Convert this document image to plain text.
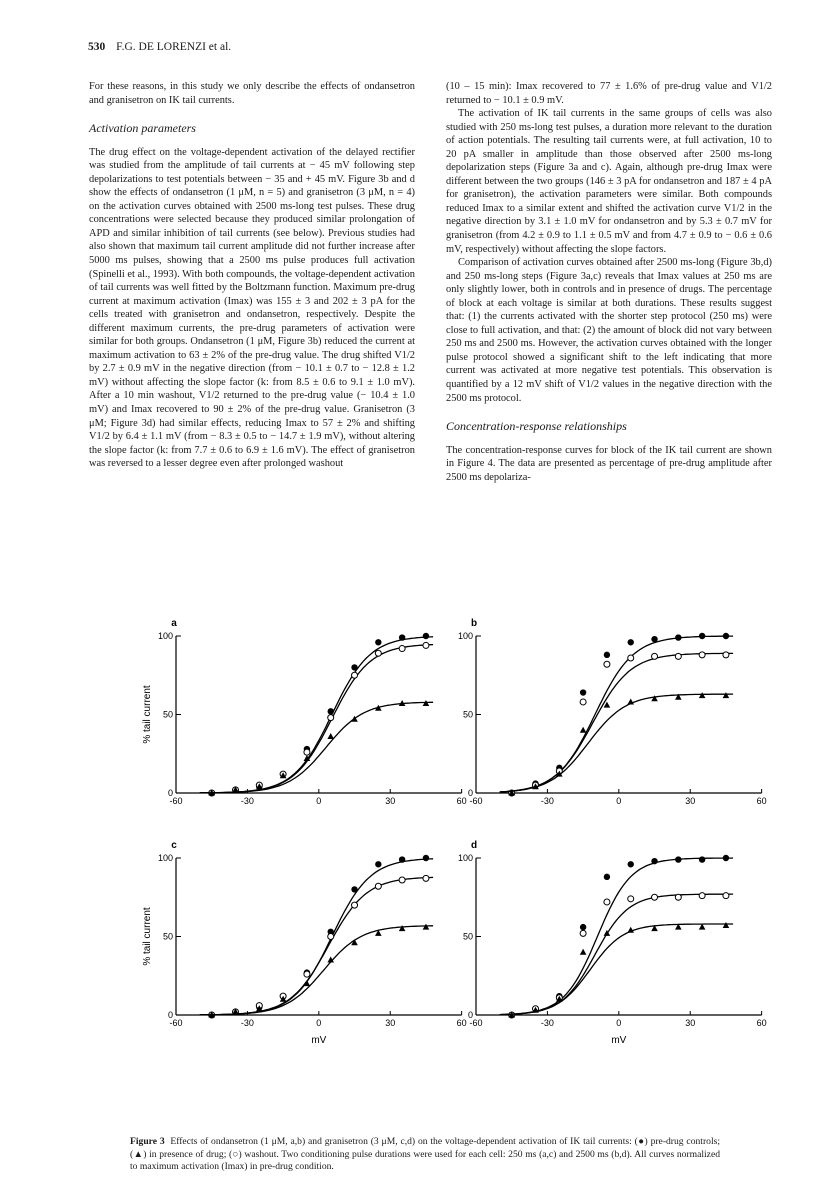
530 F.G. DE LORENZI et al.

For these reasons, in this study we only describe the effects of ondansetron and granisetron on IK tail currents.

Activation parameters

The drug effect on the voltage-dependent activation of the delayed rectifier was studied from the amplitude of tail currents at − 45 mV following step depolarizations to test potentials between − 35 and + 45 mV. Figure 3b and d show the effects of ondansetron (1 μM, n = 5) and granisetron (3 μM, n = 4) on the activation curves obtained with 2500 ms-long test pulses. These drug concentrations were selected because they produced similar prolongation of APD and similar inhibition of tail currents (see below). Previous studies had also shown that maximum tail current amplitude did not further increase after 5000 ms pulses, showing that a 2500 ms pulse produces full activation (Spinelli et al., 1993). With both compounds, the voltage-dependent activation of tail currents was well fitted by the Boltzmann function. Maximum pre-drug current at maximum activation (Imax) was 155 ± 3 and 202 ± 3 pA for the cells treated with granisetron and ondansetron, respectively. Despite the different maximum currents, the pre-drug parameters of activation were similar for both groups. Ondansetron (1 μM, Figure 3b) reduced the current at maximum activation to 63 ± 2% of the pre-drug value. The drug shifted V1/2 by 2.7 ± 0.9 mV in the negative direction (from − 10.1 ± 0.7 to − 12.8 ± 1.2 mV) without affecting the slope factor (k: from 8.5 ± 0.6 to 9.1 ± 1.0 mV). After a 10 min washout, V1/2 returned to the pre-drug value (− 10.4 ± 1.0 mV) and Imax recovered to 90 ± 2% of the pre-drug value. Granisetron (3 μM; Figure 3d) had similar effects, reducing Imax to 57 ± 2% and shifting V1/2 by 6.4 ± 1.1 mV (from − 8.3 ± 0.5 to − 14.7 ± 1.9 mV), without altering the slope factor (k: from 7.7 ± 0.6 to 6.9 ± 1.6 mV). The effect of granisetron was reversed to a lesser degree even after prolonged washout

(10 – 15 min): Imax recovered to 77 ± 1.6% of pre-drug value and V1/2 returned to − 10.1 ± 0.9 mV.

The activation of IK tail currents in the same groups of cells was also studied with 250 ms-long test pulses, a duration more relevant to the duration of action potentials. The resulting tail currents were, at full activation, 10 to 20 pA smaller in amplitude than those observed after 2500 ms-long depolarization steps (Figure 3a and c). Again, although pre-drug Imax were different between the two groups (146 ± 3 pA for ondansetron and 187 ± 4 pA for granisetron), the activation parameters were similar. Both compounds reduced Imax to a similar extent and shifted the activation curve V1/2 in the negative direction by 3.1 ± 1.0 mV for ondansetron and by 5.3 ± 0.7 mV for granisetron (from 4.2 ± 0.9 to 1.1 ± 0.5 mV and from 4.7 ± 0.9 to − 0.6 ± 0.6 mV, respectively) without affecting the slope factors.

Comparison of activation curves obtained after 2500 ms-long (Figure 3b,d) and 250 ms-long steps (Figure 3a,c) reveals that Imax values at 250 ms are only slightly lower, both in controls and in presence of drugs. The percentage of block at each voltage is similar at both durations. These results suggest that: (1) the currents activated with the shorter step protocol (250 ms) were close to full activation, and that: (2) the amount of block did not vary between 250 ms and 2500 ms. However, the activation curves obtained with the longer pulse protocol showed a significant shift to the left indicating that more current was activated at more negative test potentials. This observation is quantified by a 12 mV shift of V1/2 values in the negative direction with the 2500 ms protocol.

Concentration-response relationships

The concentration-response curves for block of the IK tail current are shown in Figure 4. The data are presented as percentage of pre-drug amplitude after 2500 ms depolariza-

a
0
50
100
-60	-30	0	30	60
% tail current
b
0
50
100
-60	-30	0	30	60
c
0
50
100
-60	-30	0	30	60
% tail current
mV
d
0
50
100
-60	-30	0	30	60
mV
Figure 3 Effects of ondansetron (1 μM, a,b) and granisetron (3 μM, c,d) on the voltage-dependent activation of IK tail currents: (●) pre-drug controls; (▲) in presence of drug; (○) washout. Two conditioning pulse durations were used for each cell: 250 ms (a,c) and 2500 ms (b,d). All curves normalized to maximum activation (Imax) in pre-drug condition.
